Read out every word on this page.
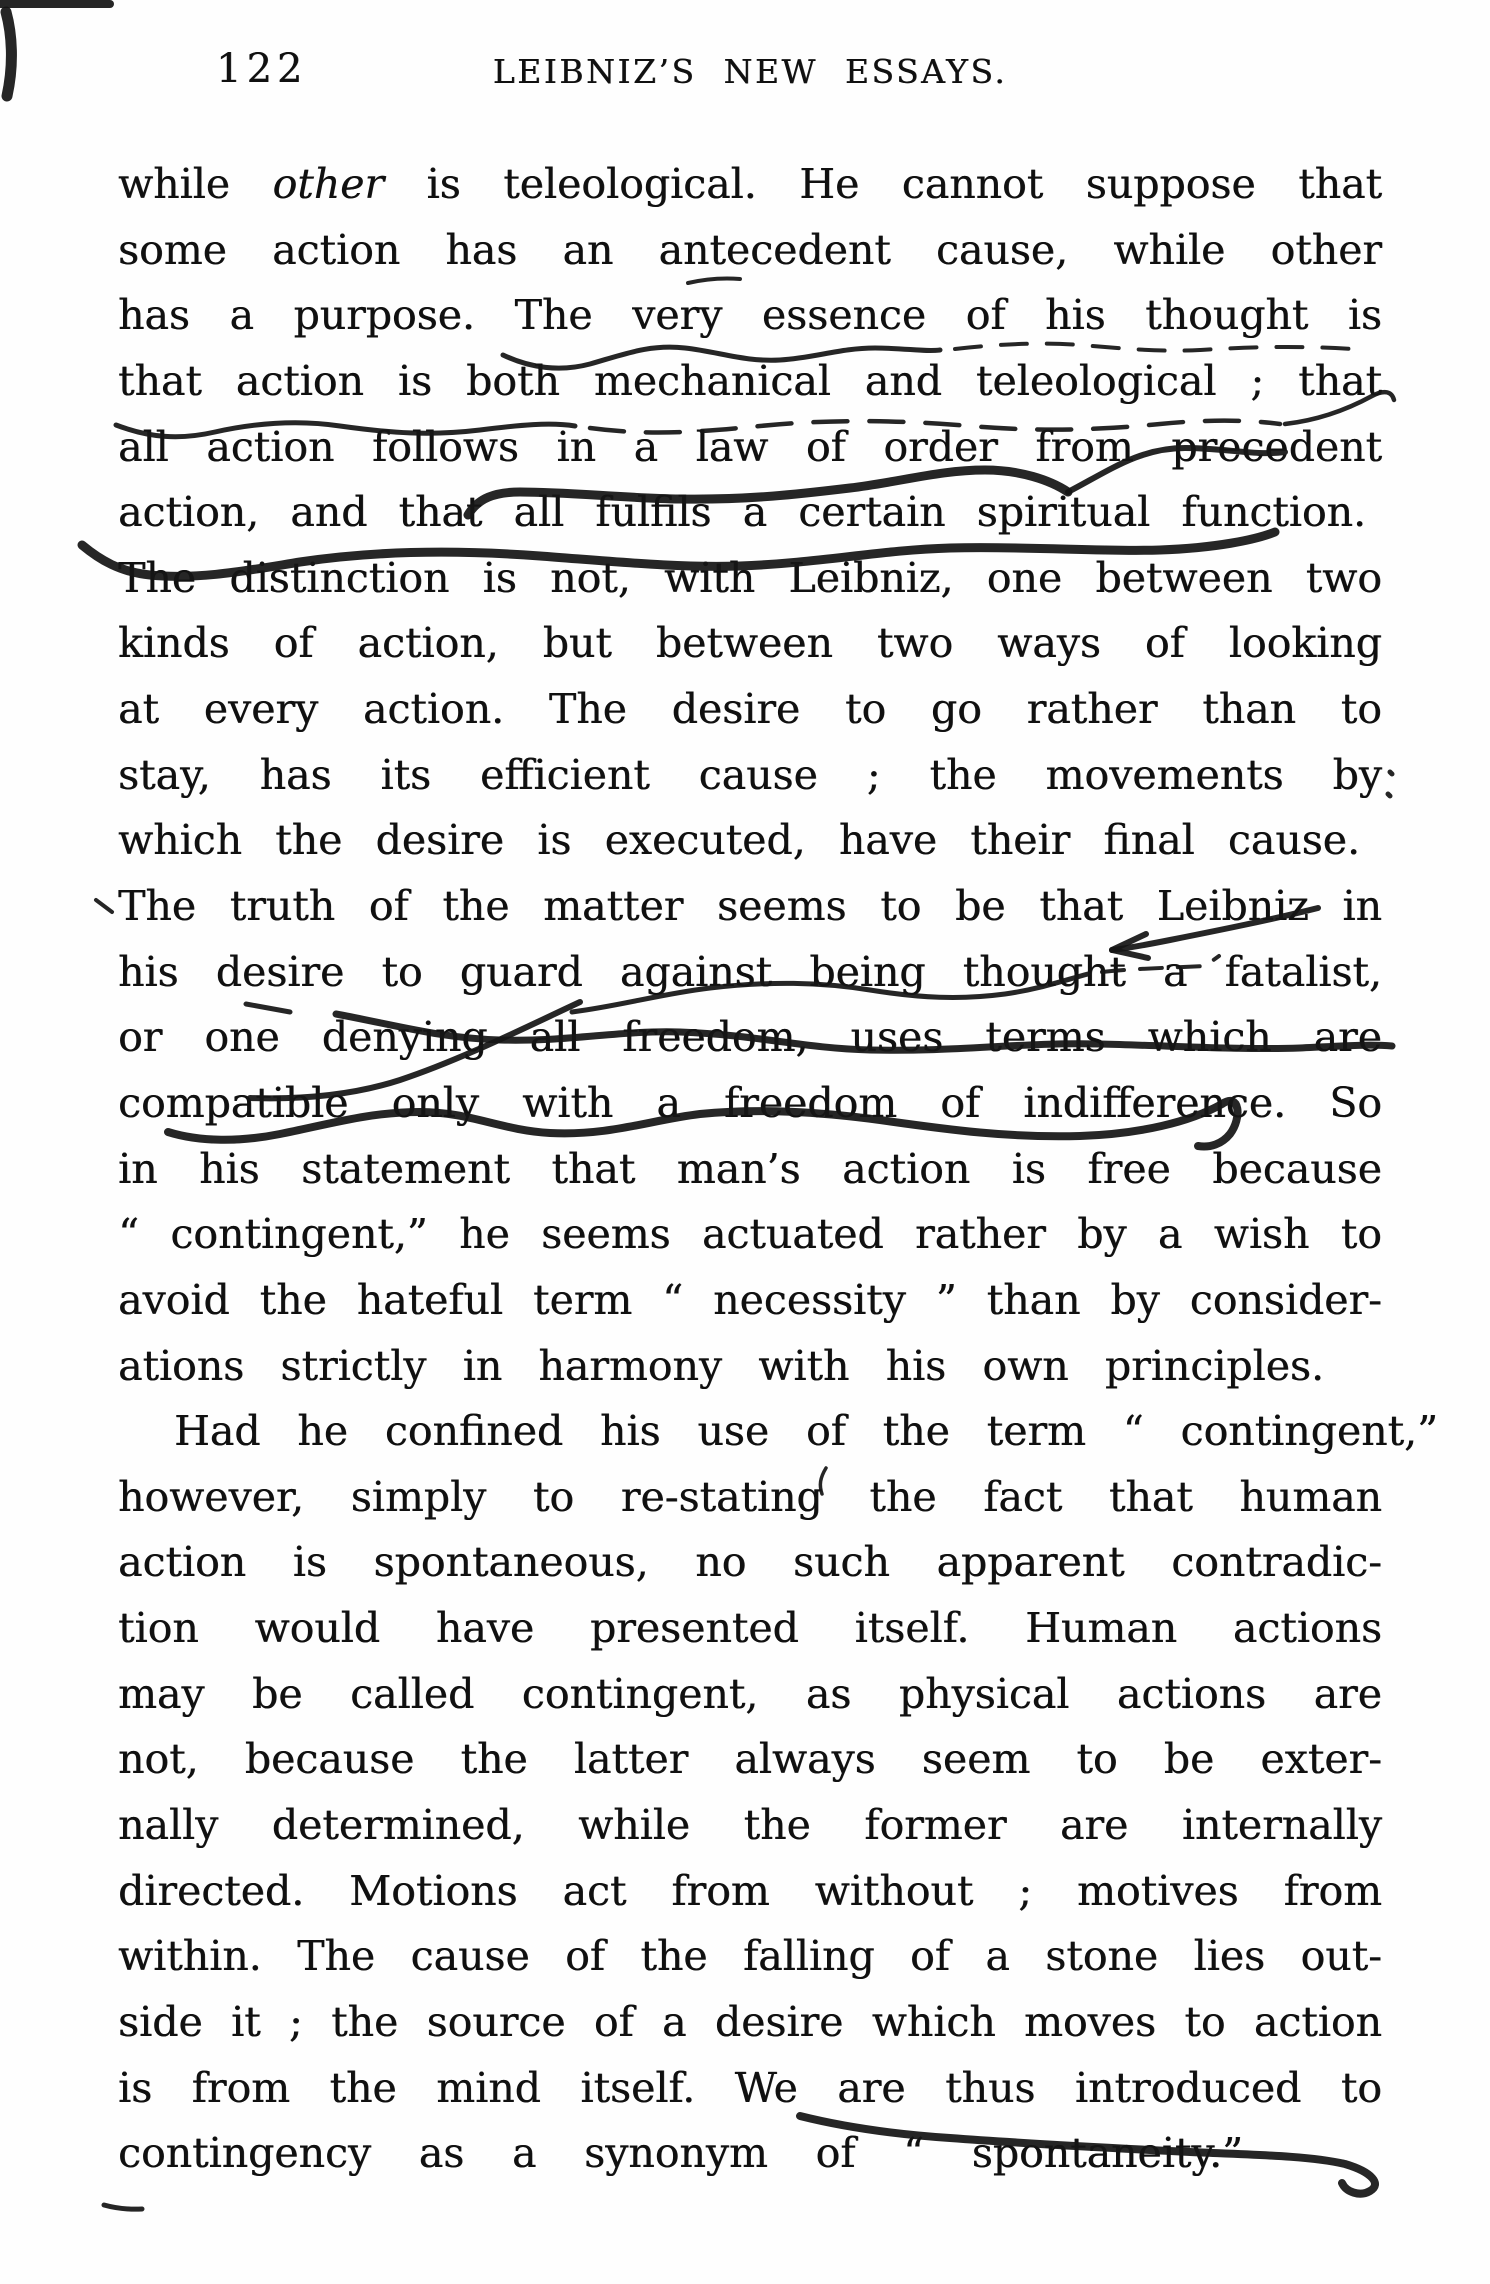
122	LEIBNIZ’S NEW ESSAYS.
while other is teleological. He cannot suppose that
some action has an antecedent cause, while other
has a purpose. The very essence of his thought is
that action is both mechanical and teleological ; that
all action follows in a law of order from precedent
action, and that all fulfils a certain spiritual function.
The distinction is not, with Leibniz, one between two
kinds of action, but between two ways of looking
at every action. The desire to go rather than to
stay, has its efficient cause ; the movements by
which the desire is executed, have their final cause.
The truth of the matter seems to be that Leibniz in
his desire to guard against being thought a fatalist,
or one denying all freedom, uses terms which are
compatible only with a freedom of indifference. So
in his statement that man’s action is free because
“ contingent,” he seems actuated rather by a wish to
avoid the hateful term “ necessity ” than by consider-
ations strictly in harmony with his own principles.
Had he confined his use of the term “ contingent,”
however, simply to re-stating the fact that human
action is spontaneous, no such apparent contradic-
tion would have presented itself. Human actions
may be called contingent, as physical actions are
not, because the latter always seem to be exter-
nally determined, while the former are internally
directed. Motions act from without ; motives from
within. The cause of the falling of a stone lies out-
side it ; the source of a desire which moves to action
is from the mind itself. We are thus introduced to
contingency as a synonym of “ spontaneity.”
